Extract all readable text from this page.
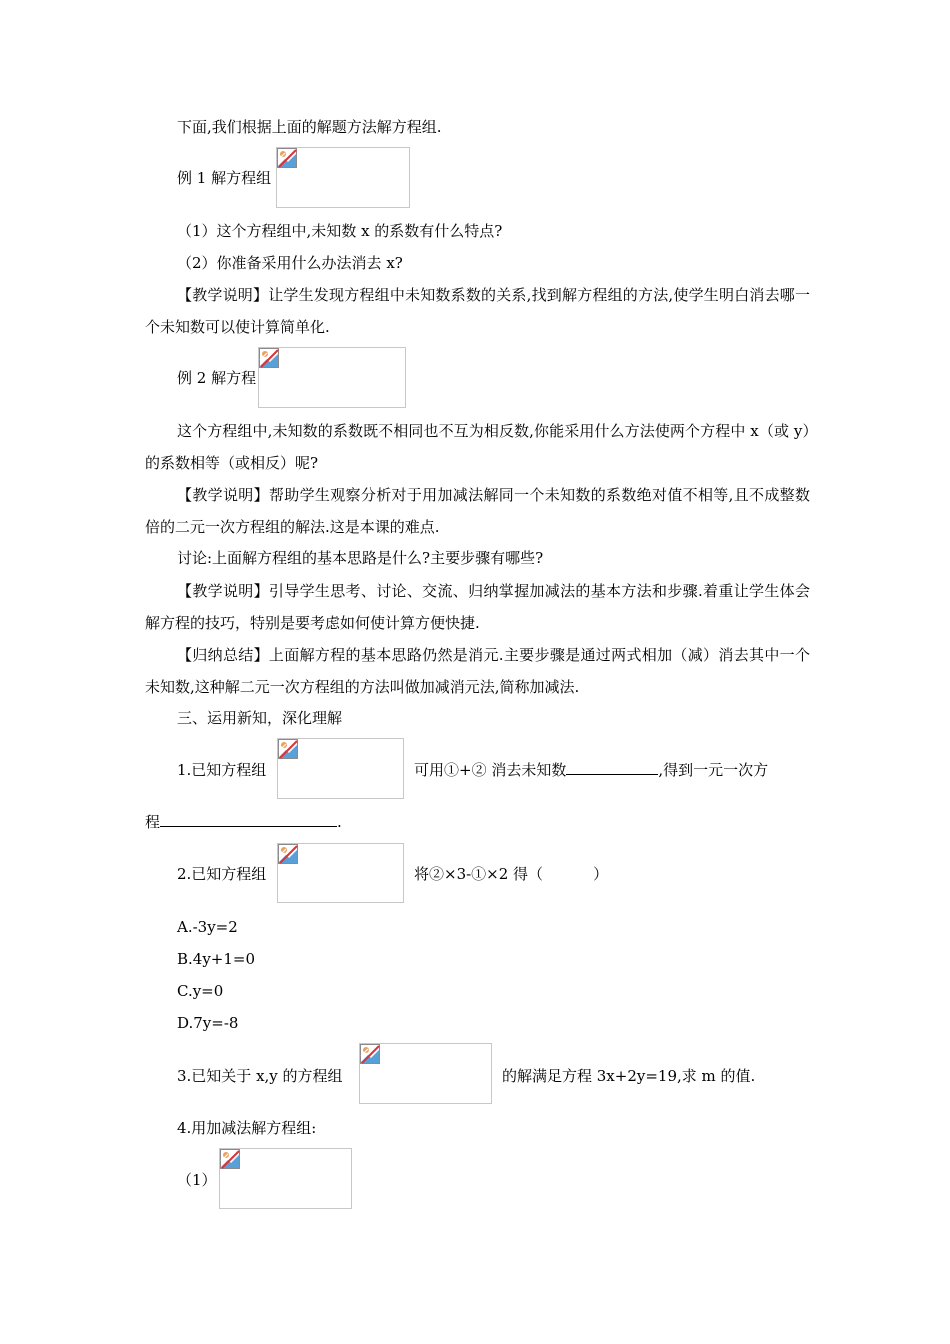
下面,我们根据上面的解题方法解方程组.
例 1 解方程组
（1）这个方程组中,未知数 x 的系数有什么特点?
（2）你准备采用什么办法消去 x?
【教学说明】让学生发现方程组中未知数系数的关系,找到解方程组的方法,使学生明白消去哪一个未知数可以使计算简单化.
例 2 解方程
这个方程组中,未知数的系数既不相同也不互为相反数,你能采用什么方法使两个方程中 x（或 y）的系数相等（或相反）呢?
【教学说明】帮助学生观察分析对于用加减法解同一个未知数的系数绝对值不相等,且不成整数倍的二元一次方程组的解法.这是本课的难点.
讨论:上面解方程组的基本思路是什么?主要步骤有哪些?
【教学说明】引导学生思考、讨论、交流、归纳掌握加减法的基本方法和步骤.着重让学生体会解方程的技巧，特别是要考虑如何使计算方便快捷.
【归纳总结】上面解方程的基本思路仍然是消元.主要步骤是通过两式相加（减）消去其中一个未知数,这种解二元一次方程组的方法叫做加减消元法,简称加减法.
三、运用新知，深化理解
1.已知方程组	可用①+② 消去未知数	,得到一元一次方
程	.
2.已知方程组	将②×3-①×2 得（	）
A.-3y=2
B.4y+1=0
C.y=0
D.7y=-8
3.已知关于 x,y 的方程组	的解满足方程 3x+2y=19,求 m 的值.
4.用加减法解方程组:
（1）
